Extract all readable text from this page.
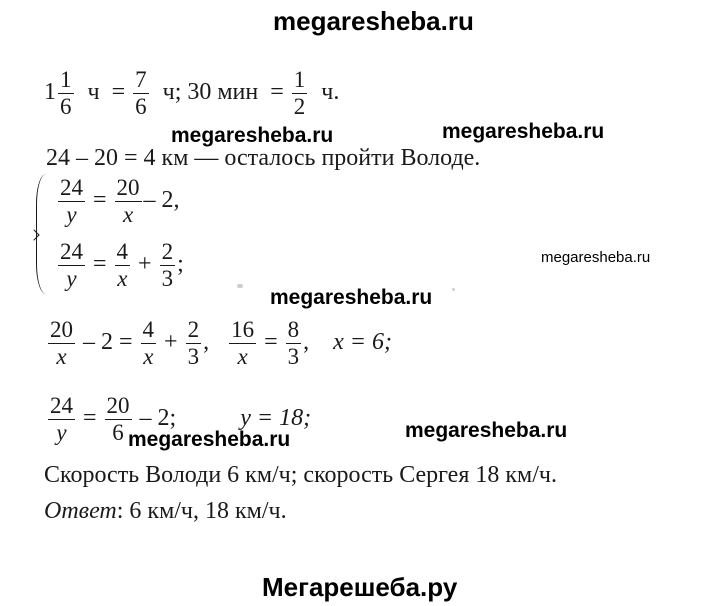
megaresheba.ru
$1 \frac{1}{6}$ $ч = \frac{7}{6} ч$; 30 мин = $\frac{1}{2} ч$.
megaresheba.ru	megaresheba.ru
24 – 20 = 4 км — осталось пройти Володе.
$\frac{24}{y} = \frac{20}{x} - 2$,
$\frac{24}{y} = \frac{4}{x} + \frac{2}{3}$ ;	megaresheba.ru
megaresheba.ru
$\frac{20}{x} - 2 = \frac{4}{x} + \frac{2}{3}$ , $\frac{16}{x} = \frac{8}{3}$ , x = 6;
$\frac{24}{y} = \frac{20}{6} - 2$;	y = 18;
megaresheba.ru	megaresheba.ru
Скорость Володи 6 км/ч; скорость Сергея 18 км/ч.
Ответ: 6 км/ч, 18 км/ч.
Мегарешеба.ру
